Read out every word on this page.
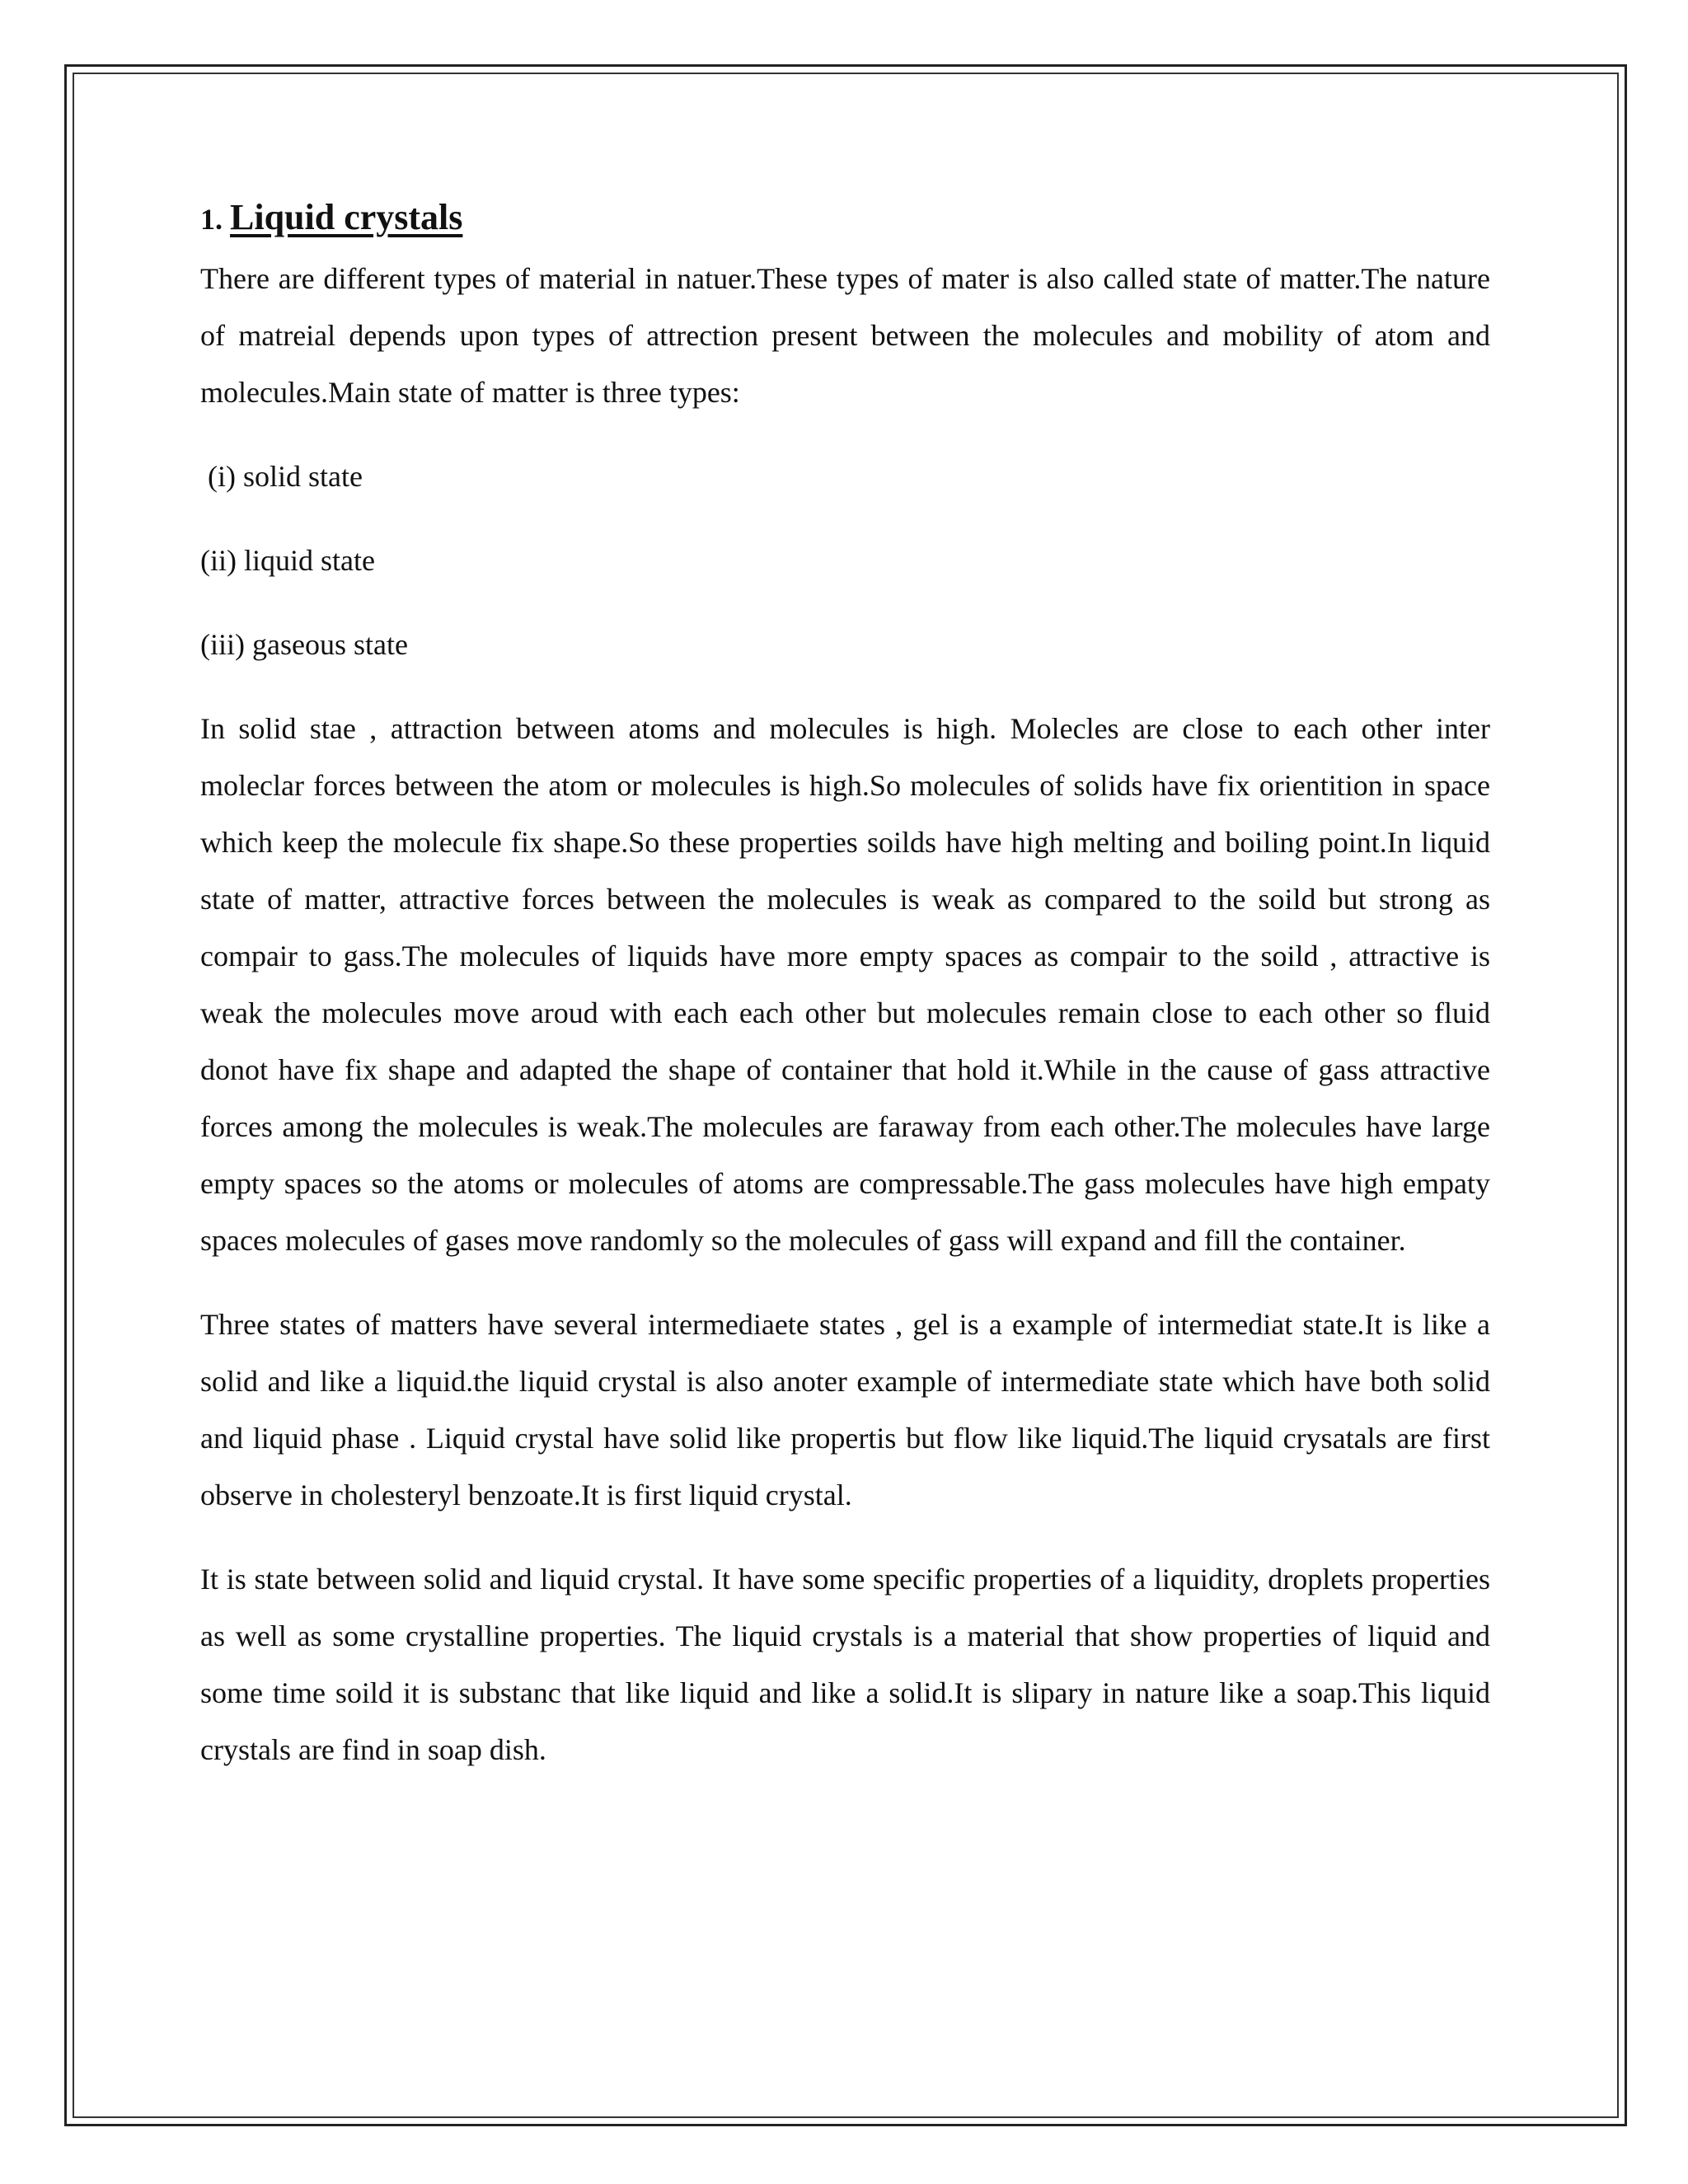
1. Liquid crystals

There are different types of material in natuer.These types of mater is also called state of matter.The nature of matreial depends upon types of attrection present between the molecules and mobility of atom and molecules.Main state of matter is three types:

(i) solid state

(ii) liquid state

(iii) gaseous state

In solid stae , attraction between atoms and molecules is high. Molecles are close to each other inter moleclar forces between the atom or molecules is high.So molecules of solids have fix orientition in space which keep the molecule fix shape.So these properties soilds have high melting and boiling point.In liquid state of matter, attractive forces between the molecules is weak as compared to the soild but strong as compair to gass.The molecules of liquids have more empty spaces as compair to the soild , attractive is weak the molecules move aroud with each each other but molecules remain close to each other so fluid donot have fix shape and adapted the shape of container that hold it.While in the cause of gass attractive forces among the molecules is weak.The molecules are faraway from each other.The molecules have large empty spaces so the atoms or molecules of atoms are compressable.The gass molecules have high empaty spaces molecules of gases move randomly so the molecules of gass will expand and fill the container.

Three states of matters have several intermediaete states , gel is a example of intermediat state.It is like a solid and like a liquid.the liquid crystal is also anoter example of intermediate state which have both solid and liquid phase . Liquid crystal have solid like propertis but flow like liquid.The liquid crysatals are first observe in cholesteryl benzoate.It is first liquid crystal.

It is state between solid and liquid crystal. It have some specific properties of a liquidity, droplets properties as well as some crystalline properties. The liquid crystals is a material that show properties of liquid and some time soild it is substanc that like liquid and like a solid.It is slipary in nature like a soap.This liquid crystals are find in soap dish.
